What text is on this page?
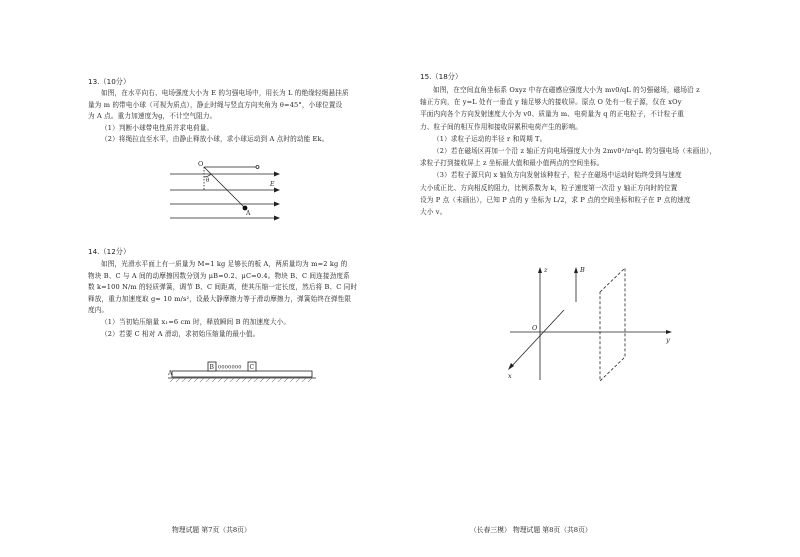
13.（10分）
如图，在水平向右、电场强度大小为 E 的匀强电场中，用长为 L 的绝缘轻绳悬挂质
量为 m 的带电小球（可视为质点），静止时绳与竖直方向夹角为 θ=45°，小球位置设
为 A 点。重力加速度为g，不计空气阻力。
（1）判断小球带电性质并求电荷量。
（2）将绳拉直至水平，由静止释放小球，求小球运动到 A 点时的动能 Ek。
O
θ
A
E
14.（12分）
如图，光滑水平面上有一质量为 M=1 kg 足够长的板 A，两质量均为 m=2 kg 的
物块 B、C 与 A 间的动摩擦因数分别为 μB=0.2、μC=0.4。物块 B、C 间连接劲度系
数 k=100 N/m 的轻质弹簧，调节 B、C 间距离，使其压缩一定长度，然后将 B、C 同时
释放，重力加速度取 g= 10 m/s²，设最大静摩擦力等于滑动摩擦力，弹簧始终在弹性限
度内。
（1）当初始压缩量 x₁=6 cm 时，释放瞬间 B 的加速度大小。
（2）若要 C 相对 A 滑动，求初始压缩量的最小值。
B	C
0000000
A
物理试题 第7页（共8页）
15.（18分）
如图，在空间直角坐标系 Oxyz 中存在磁感应强度大小为 mv0/qL 的匀强磁场，磁场沿 z
轴正方向，在 y=L 处有一垂直 y 轴足够大的接收屏。原点 O 处有一粒子源，仅在 xOy
平面内向各个方向发射速度大小为 v0、质量为 m、电荷量为 q 的正电粒子，不计粒子重
力、粒子间的相互作用和接收屏累积电荷产生的影响。
（1）求粒子运动的半径 r 和周期 T。
（2）若在磁场区再加一个沿 z 轴正方向电场强度大小为 2mv0²/π²qL 的匀强电场（未画出），
求粒子打到接收屏上 z 坐标最大值和最小值两点的空间坐标。
（3）若粒子源只向 x 轴负方向发射该种粒子，粒子在磁场中运动时始终受到与速度
大小成正比、方向相反的阻力，比例系数为 k，粒子速度第一次沿 y 轴正方向时的位置
设为 P 点（未画出），已知 P 点的 y 坐标为 L/2，求 P 点的空间坐标和粒子在 P 点的速度
大小 v。
z	B
O
y
x
（长春三模） 物理试题 第8页（共8页）
